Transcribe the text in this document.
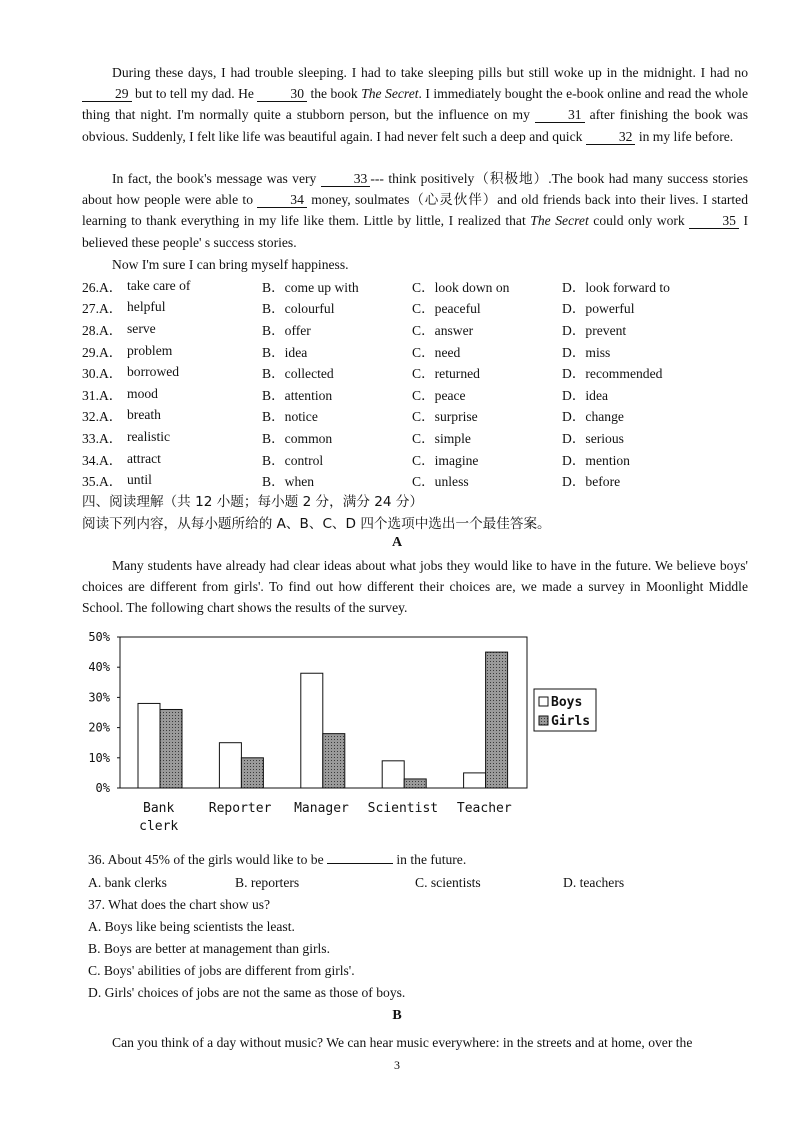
During these days, I had trouble sleeping. I had to take sleeping pills but still woke up in the midnight. I had no 29 but to tell my dad. He 30 the book The Secret. I immediately bought the e-book online and read the whole thing that night. I'm normally quite a stubborn person, but the influence on my 31 after finishing the book was obvious. Suddenly, I felt like life was beautiful again. I had never felt such a deep and quick 32 in my life before.

In fact, the book's message was very 33 --- think positively（积极地）.The book had many success stories about how people were able to 34 money, soulmates（心灵伙伴）and old friends back into their lives. I started learning to thank everything in my life like them. Little by little, I realized that The Secret could only work 35 I believed these people' s success stories.

Now I'm sure I can bring myself happiness.

26.A．	take care of	B．come up with	C．look down on	D．look forward to
27.A．	helpful	B．colourful	C．peaceful	D．powerful
28.A．	serve	B．offer	C．answer	D．prevent
29.A．	problem	B．idea	C．need	D．miss
30.A．	borrowed	B．collected	C．returned	D．recommended
31.A．	mood	B．attention	C．peace	D．idea
32.A．	breath	B．notice	C．surprise	D．change
33.A．	realistic	B．common	C．simple	D．serious
34.A．	attract	B．control	C．imagine	D．mention
35.A．	until	B．when	C．unless	D．before
四、阅读理解（共 12 小题；每小题 2 分，满分 24 分）
阅读下列内容，从每小题所给的 A、B、C、D 四个选项中选出一个最佳答案。
A

Many students have already had clear ideas about what jobs they would like to have in the future. We believe boys' choices are different from girls'. To find out how different their choices are, we made a survey in Moonlight Middle School. The following chart shows the results of the survey.

0%
10%
20%
30%
40%
50%
Bank
clerk
Reporter Manager Scientist Teacher
Boys
Girls
36. About 45% of the girls would like to be	in the future.
A. bank clerks	B. reporters	C. scientists	D. teachers
37. What does the chart show us?
A. Boys like being scientists the least.
B. Boys are better at management than girls.
C. Boys' abilities of jobs are different from girls'.
D. Girls' choices of jobs are not the same as those of boys.
B

Can you think of a day without music? We can hear music everywhere: in the streets and at home, over the

3
